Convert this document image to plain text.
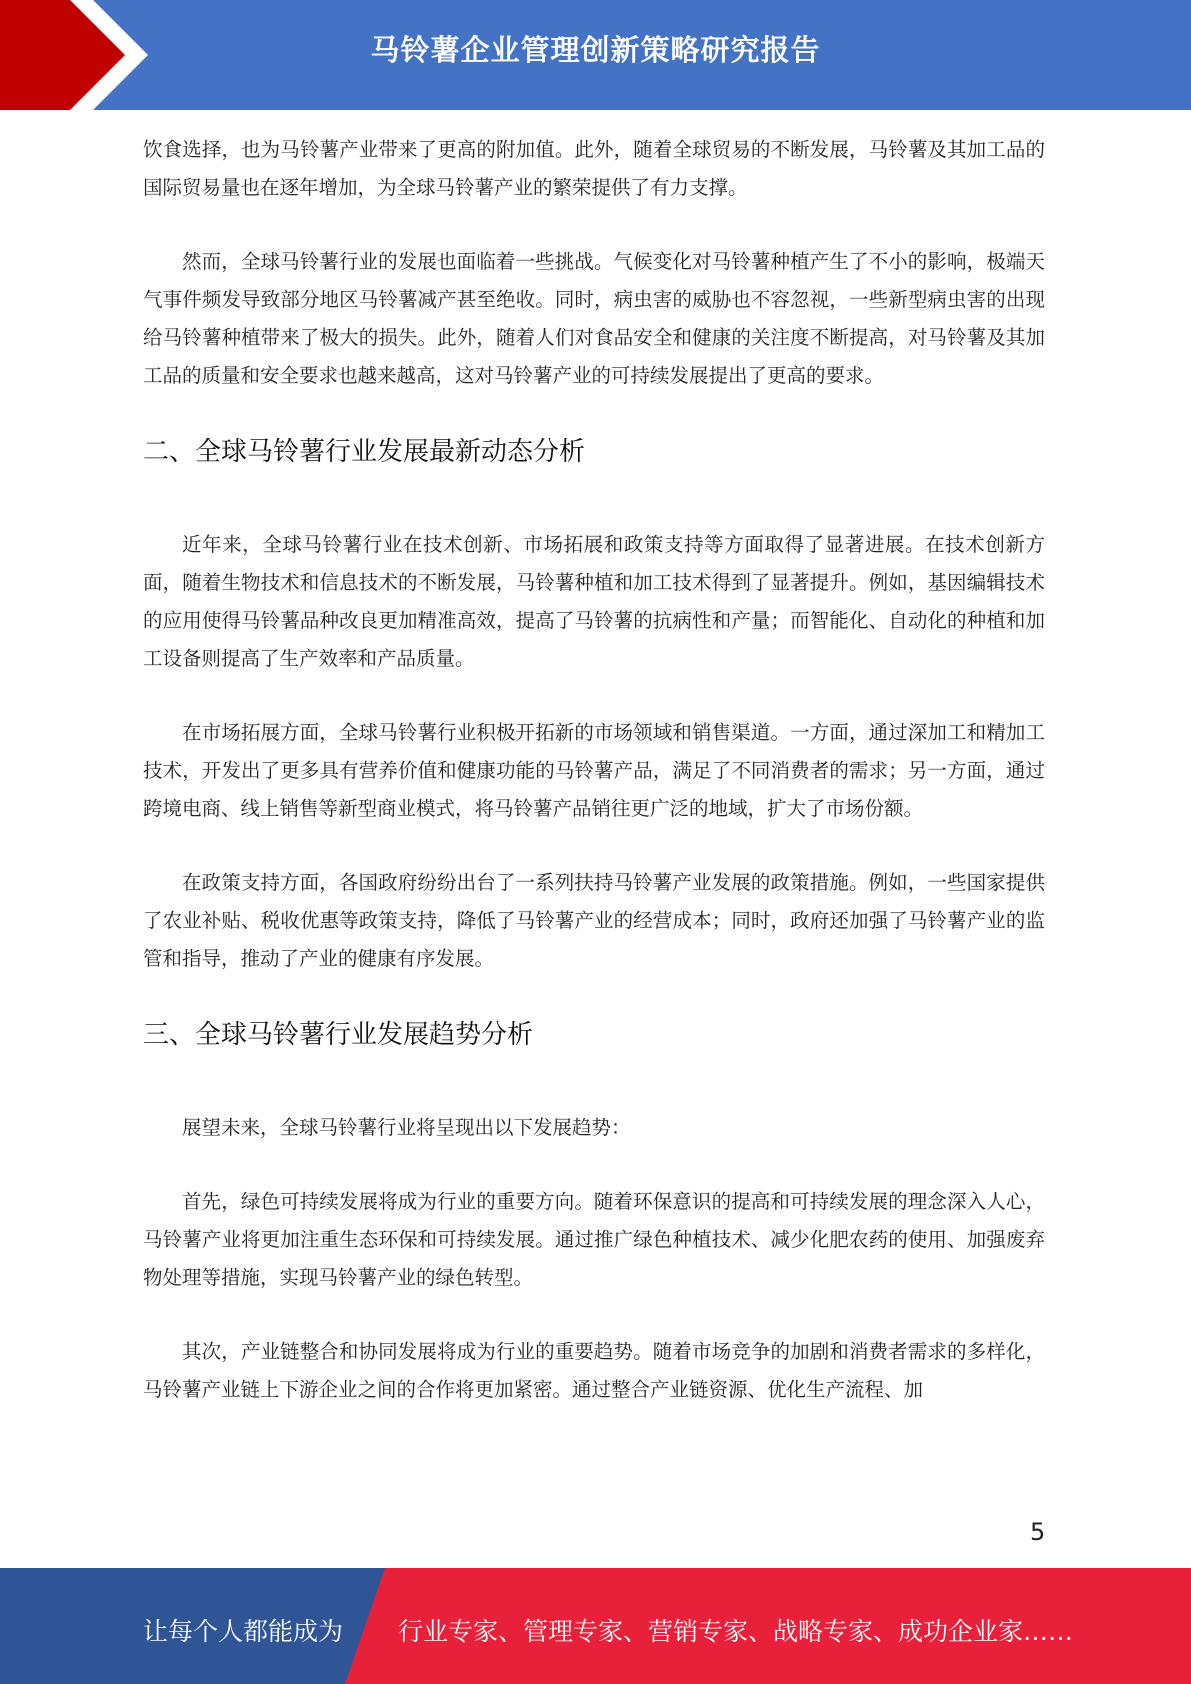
马铃薯企业管理创新策略研究报告

饮食选择，也为马铃薯产业带来了更高的附加值。此外，随着全球贸易的不断发展，马铃薯及其加工品的国际贸易量也在逐年增加，为全球马铃薯产业的繁荣提供了有力支撑。

然而，全球马铃薯行业的发展也面临着一些挑战。气候变化对马铃薯种植产生了不小的影响，极端天气事件频发导致部分地区马铃薯减产甚至绝收。同时，病虫害的威胁也不容忽视，一些新型病虫害的出现给马铃薯种植带来了极大的损失。此外，随着人们对食品安全和健康的关注度不断提高，对马铃薯及其加工品的质量和安全要求也越来越高，这对马铃薯产业的可持续发展提出了更高的要求。

二、全球马铃薯行业发展最新动态分析

近年来，全球马铃薯行业在技术创新、市场拓展和政策支持等方面取得了显著进展。在技术创新方面，随着生物技术和信息技术的不断发展，马铃薯种植和加工技术得到了显著提升。例如，基因编辑技术的应用使得马铃薯品种改良更加精准高效，提高了马铃薯的抗病性和产量；而智能化、自动化的种植和加工设备则提高了生产效率和产品质量。

在市场拓展方面，全球马铃薯行业积极开拓新的市场领域和销售渠道。一方面，通过深加工和精加工技术，开发出了更多具有营养价值和健康功能的马铃薯产品，满足了不同消费者的需求；另一方面，通过跨境电商、线上销售等新型商业模式，将马铃薯产品销往更广泛的地域，扩大了市场份额。

在政策支持方面，各国政府纷纷出台了一系列扶持马铃薯产业发展的政策措施。例如，一些国家提供了农业补贴、税收优惠等政策支持，降低了马铃薯产业的经营成本；同时，政府还加强了马铃薯产业的监管和指导，推动了产业的健康有序发展。

三、全球马铃薯行业发展趋势分析

展望未来，全球马铃薯行业将呈现出以下发展趋势：

首先，绿色可持续发展将成为行业的重要方向。随着环保意识的提高和可持续发展的理念深入人心，马铃薯产业将更加注重生态环保和可持续发展。通过推广绿色种植技术、减少化肥农药的使用、加强废弃物处理等措施，实现马铃薯产业的绿色转型。

其次，产业链整合和协同发展将成为行业的重要趋势。随着市场竞争的加剧和消费者需求的多样化，马铃薯产业链上下游企业之间的合作将更加紧密。通过整合产业链资源、优化生产流程、加

5
让每个人都能成为 行业专家、管理专家、营销专家、战略专家、成功企业家……
